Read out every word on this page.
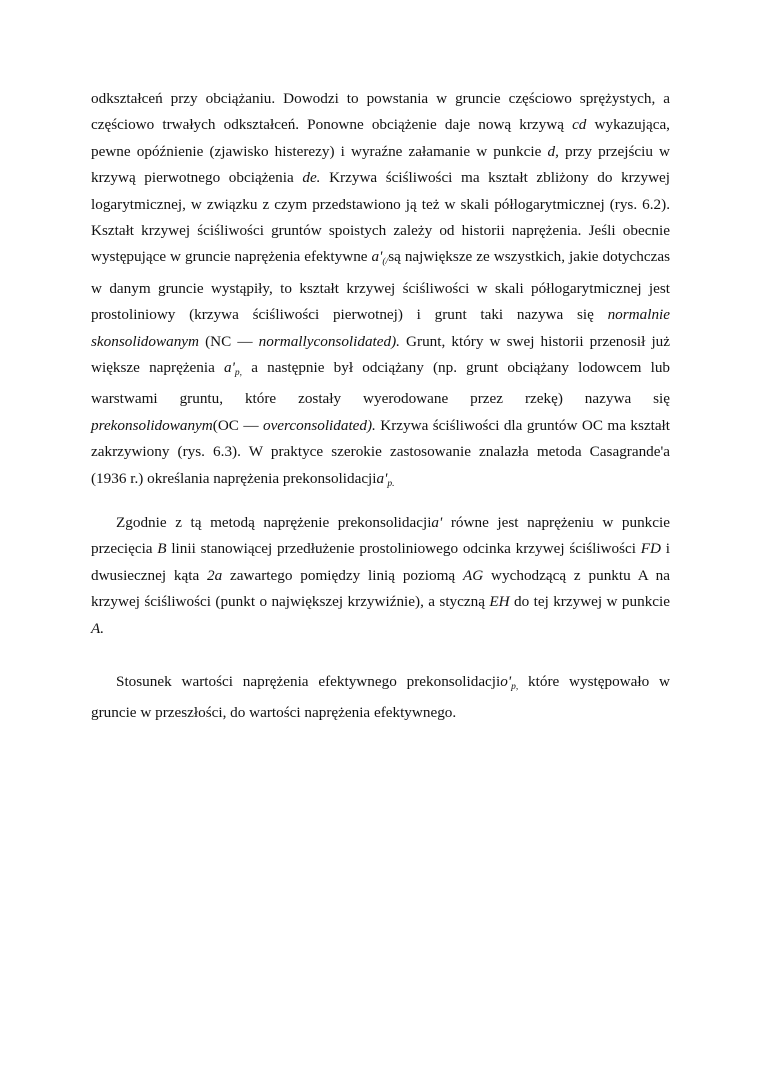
odkształceń przy obciążaniu. Dowodzi to powstania w gruncie częściowo sprężystych, a częściowo trwałych odkształceń. Ponowne obciążenie daje nową krzywą cd wykazująca, pewne opóźnienie (zjawisko histerezy) i wyraźne załamanie w punkcie d, przy przejściu w krzywą pierwotnego obciążenia de. Krzywa ściśliwości ma kształt zbliżony do krzywej logarytmicznej, w związku z czym przedstawiono ją też w skali półlogarytmicznej (rys. 6.2). Kształt krzywej ściśliwości gruntów spoistych zależy od historii naprężenia. Jeśli obecnie występujące w gruncie naprężenia efektywne $a'_{(/}są$ największe ze wszystkich, jakie dotychczas w danym gruncie wystąpiły, to kształt krzywej ściśliwości w skali półlogarytmicznej jest prostoliniowy (krzywa ściśliwości pierwotnej) i grunt taki nazywa się normalnie skonsolidowanym (NC — normallyconsolidated). Grunt, który w swej historii przenosił już większe naprężenia $a'_{p,}$ a następnie był odciążany (np. grunt obciążany lodowcem lub warstwami gruntu, które zostały wyerodowane przez rzekę) nazywa się prekonsolidowanym(OC — overconsolidated). Krzywa ściśliwości dla gruntów OC ma kształt zakrzywiony (rys. 6.3). W praktyce szerokie zastosowanie znalazła metoda Casagrande'a (1936 r.) określania naprężenia $prekonsolidacjia'_{p.}$
Zgodnie z tą metodą naprężenie prekonsolidacjia' równe jest naprężeniu w punkcie przecięcia B linii stanowiącej przedłużenie prostoliniowego odcinka krzywej ściśliwości FD i dwusiecznej kąta 2a zawartego pomiędzy linią poziomą AG wychodzącą z punktu A na krzywej ściśliwości (punkt o największej krzywiźnie), a styczną EH do tej krzywej w punkcie A.
Stosunek wartości naprężenia efektywnego $prekonsolidacjio'_{p,}$ które występowało w gruncie w przeszłości, do wartości naprężenia efektywnego.
